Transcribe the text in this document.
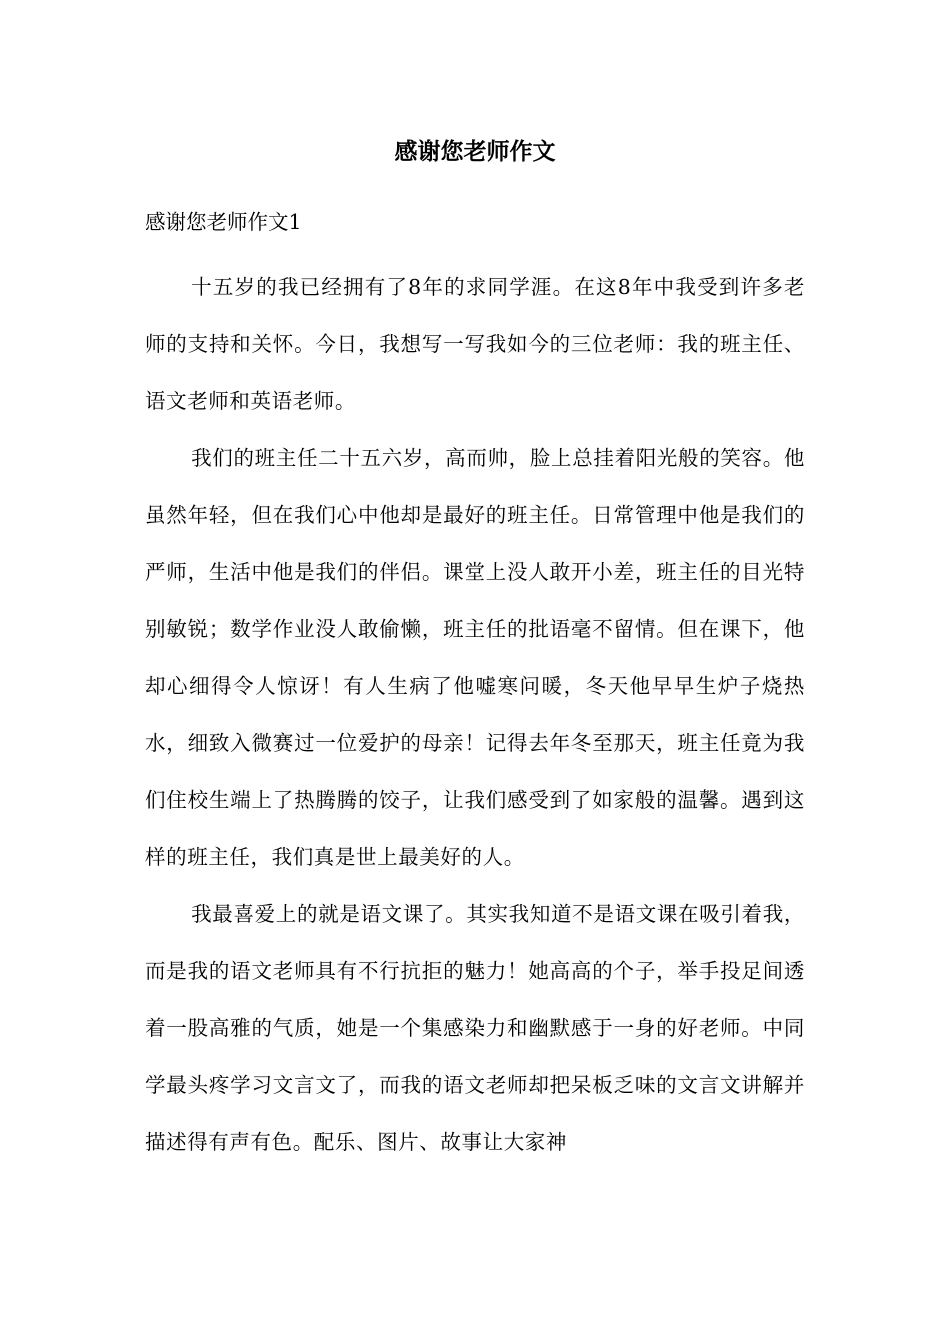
感谢您老师作文
感谢您老师作文1

十五岁的我已经拥有了8年的求同学涯。在这8年中我受到许多老师的支持和关怀。今日，我想写一写我如今的三位老师：我的班主任、语文老师和英语老师。

我们的班主任二十五六岁，高而帅，脸上总挂着阳光般的笑容。他虽然年轻，但在我们心中他却是最好的班主任。日常管理中他是我们的严师，生活中他是我们的伴侣。课堂上没人敢开小差，班主任的目光特别敏锐；数学作业没人敢偷懒，班主任的批语毫不留情。但在课下，他却心细得令人惊讶！有人生病了他嘘寒问暖，冬天他早早生炉子烧热水，细致入微赛过一位爱护的母亲！记得去年冬至那天，班主任竟为我们住校生端上了热腾腾的饺子，让我们感受到了如家般的温馨。遇到这样的班主任，我们真是世上最美好的人。

我最喜爱上的就是语文课了。其实我知道不是语文课在吸引着我，而是我的语文老师具有不行抗拒的魅力！她高高的个子，举手投足间透着一股高雅的气质，她是一个集感染力和幽默感于一身的好老师。中同学最头疼学习文言文了，而我的语文老师却把呆板乏味的文言文讲解并描述得有声有色。配乐、图片、故事让大家神
